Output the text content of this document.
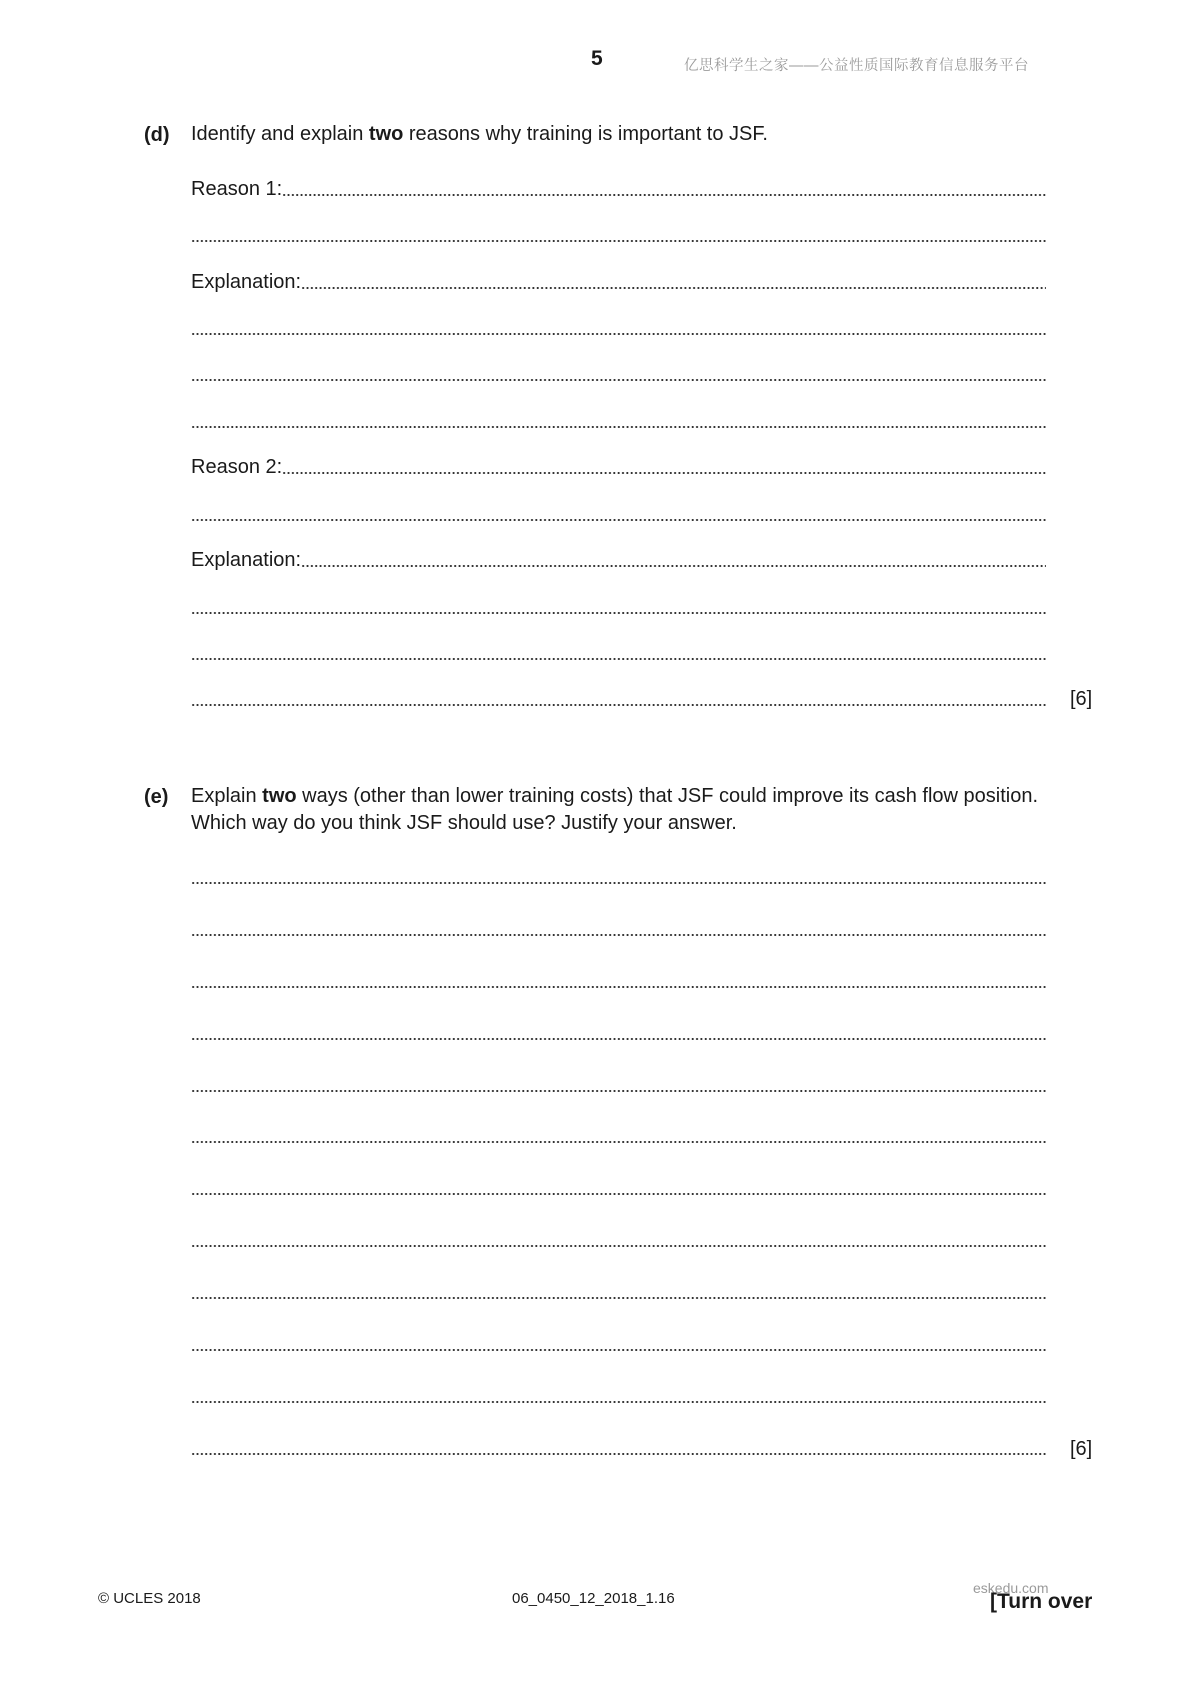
5	亿思科学生之家——公益性质国际教育信息服务平台
(d) Identify and explain two reasons why training is important to JSF.
Reason 1:
Explanation:
Reason 2:
Explanation:
[6]
(e) Explain two ways (other than lower training costs) that JSF could improve its cash flow position.
Which way do you think JSF should use? Justify your answer.
[6]
© UCLES 2018	06_0450_12_2018_1.16
eskedu.com
[Turn over
